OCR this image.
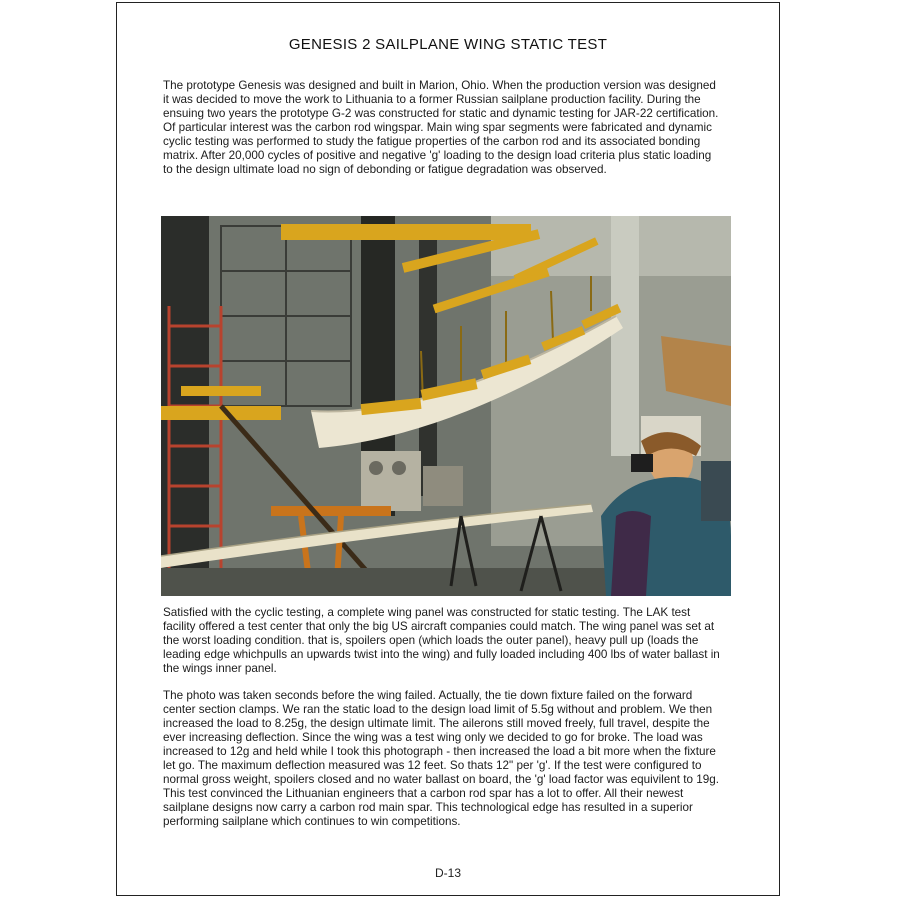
GENESIS 2 SAILPLANE WING STATIC TEST

The prototype Genesis was designed and built in Marion, Ohio. When the production version was designed it was decided to move the work to Lithuania to a former Russian sailplane production facility. During the ensuing two years the prototype G-2 was constructed for static and dynamic testing for JAR-22 certification. Of particular interest was the carbon rod wingspar. Main wing spar segments were fabricated and dynamic cyclic testing was performed to study the fatigue properties of the carbon rod and its associated bonding matrix. After 20,000 cycles of positive and negative 'g' loading to the design load criteria plus static loading to the design ultimate load no sign of debonding or fatigue degradation was observed.

Satisfied with the cyclic testing, a complete wing panel was constructed for static testing. The LAK test facility offered a test center that only the big US aircraft companies could match. The wing panel was set at the worst loading condition. that is, spoilers open (which loads the outer panel), heavy pull up (loads the leading edge whichpulls an upwards twist into the wing) and fully loaded including 400 lbs of water ballast in the wings inner panel.

The photo was taken seconds before the wing failed. Actually, the tie down fixture failed on the forward center section clamps. We ran the static load to the design load limit of 5.5g without and problem. We then increased the load to 8.25g, the design ultimate limit. The ailerons still moved freely, full travel, despite the ever increasing deflection. Since the wing was a test wing only we decided to go for broke. The load was increased to 12g and held while I took this photograph - then increased the load a bit more when the fixture let go. The maximum deflection measured was 12 feet. So thats 12" per 'g'. If the test were configured to normal gross weight, spoilers closed and no water ballast on board, the 'g' load factor was equivilent to 19g. This test convinced the Lithuanian engineers that a carbon rod spar has a lot to offer. All their newest sailplane designs now carry a carbon rod main spar. This technological edge has resulted in a superior performing sailplane which continues to win competitions.

D-13
